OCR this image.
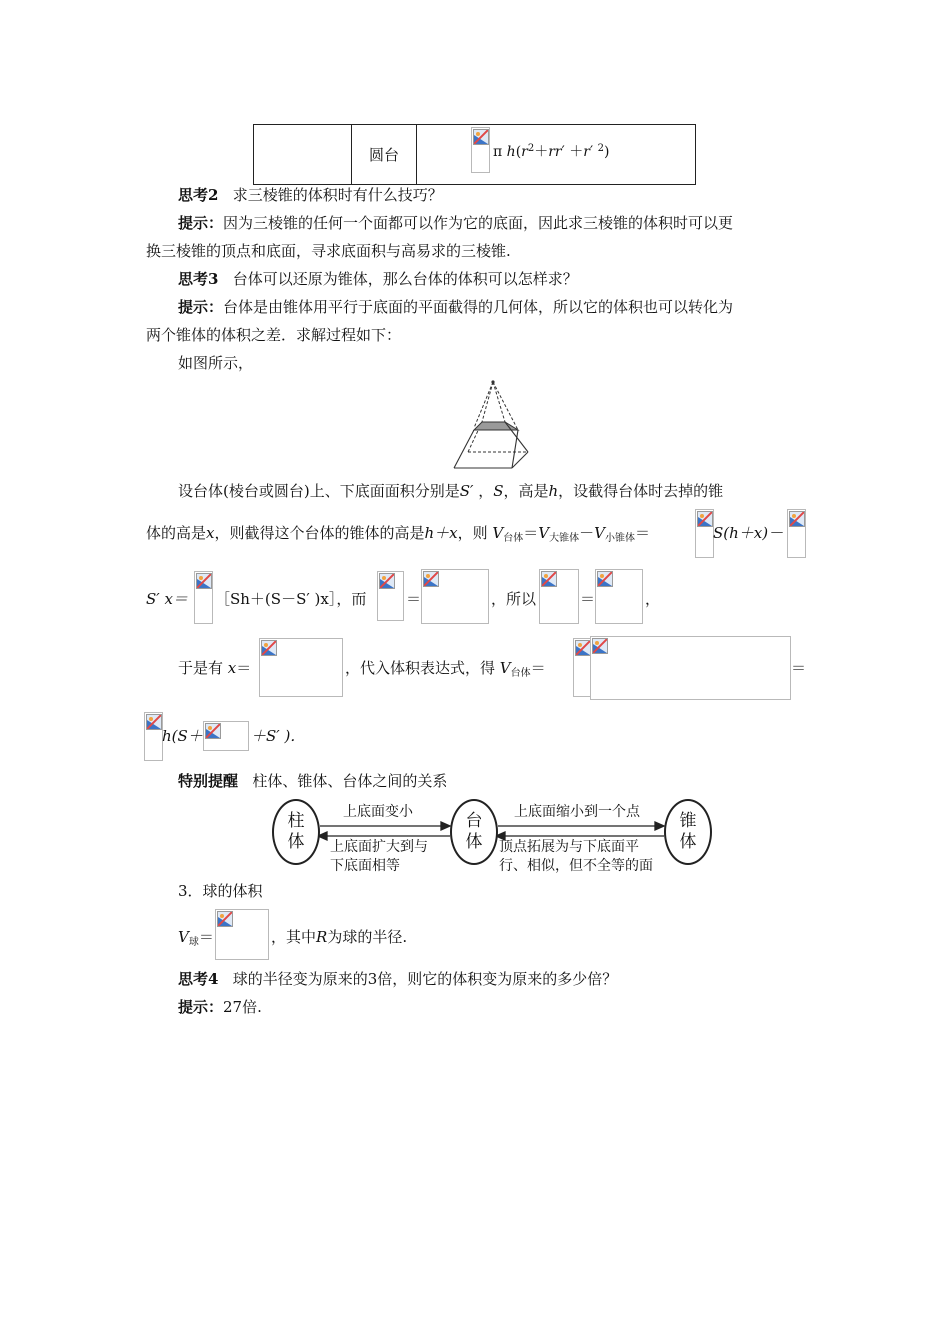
	圆台	π $h(r^2+rr' +r'$ $^2$)
思考2 求三棱锥的体积时有什么技巧？
提示：因为三棱锥的任何一个面都可以作为它的底面，因此求三棱锥的体积时可以更
换三棱锥的顶点和底面，寻求底面积与高易求的三棱锥.
思考3 台体可以还原为锥体，那么台体的体积可以怎样求？
提示：台体是由锥体用平行于底面的平面截得的几何体，所以它的体积也可以转化为
两个锥体的体积之差．求解过程如下：
如图所示，
设台体(棱台或圆台)上、下底面面积分别是S′ ，S，高是h，设截得台体时去掉的锥
体的高是x，则截得这个台体的锥体的高是h＋x，则 $V_{台体}=V_{大锥体}-V_{小锥体}=$	S(h＋x)－
S′ x＝ ［Sh＋(S－S′ )x］，而	＝	，所以	＝	，
于是有 x＝	，代入体积表达式，得 $V_{台体}=$	＝
h(S＋	＋S′ )．
特别提醒 柱体、锥体、台体之间的关系
柱
体
台
体
锥
体
上底面变小
上底面扩大到与
下底面相等
上底面缩小到一个点
顶点拓展为与下底面平
行、相似，但不全等的面
3．球的体积
$V_球=$	，其中R为球的半径.
思考4 球的半径变为原来的3倍，则它的体积变为原来的多少倍？
提示：27倍.
